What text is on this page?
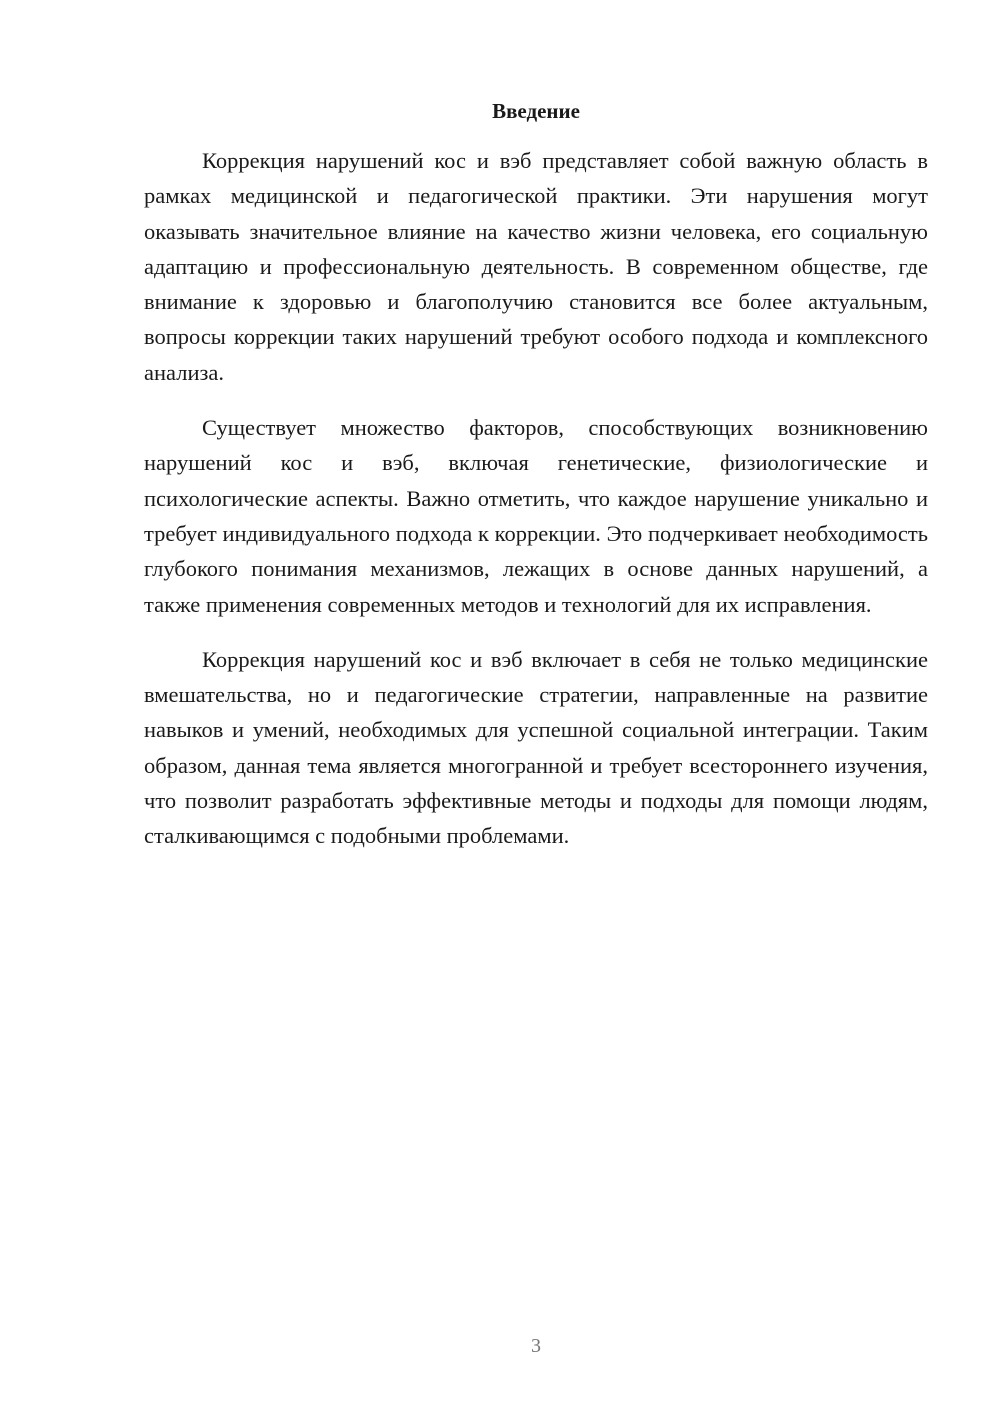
Введение

Коррекция нарушений кос и вэб представляет собой важную область в рамках медицинской и педагогической практики. Эти нарушения могут оказывать значительное влияние на качество жизни человека, его социальную адаптацию и профессиональную деятельность. В современном обществе, где внимание к здоровью и благополучию становится все более актуальным, вопросы коррекции таких нарушений требуют особого подхода и комплексного анализа.

Существует множество факторов, способствующих возникновению нарушений кос и вэб, включая генетические, физиологические и психологические аспекты. Важно отметить, что каждое нарушение уникально и требует индивидуального подхода к коррекции. Это подчеркивает необходимость глубокого понимания механизмов, лежащих в основе данных нарушений, а также применения современных методов и технологий для их исправления.

Коррекция нарушений кос и вэб включает в себя не только медицинские вмешательства, но и педагогические стратегии, направленные на развитие навыков и умений, необходимых для успешной социальной интеграции. Таким образом, данная тема является многогранной и требует всестороннего изучения, что позволит разработать эффективные методы и подходы для помощи людям, сталкивающимся с подобными проблемами.

3
